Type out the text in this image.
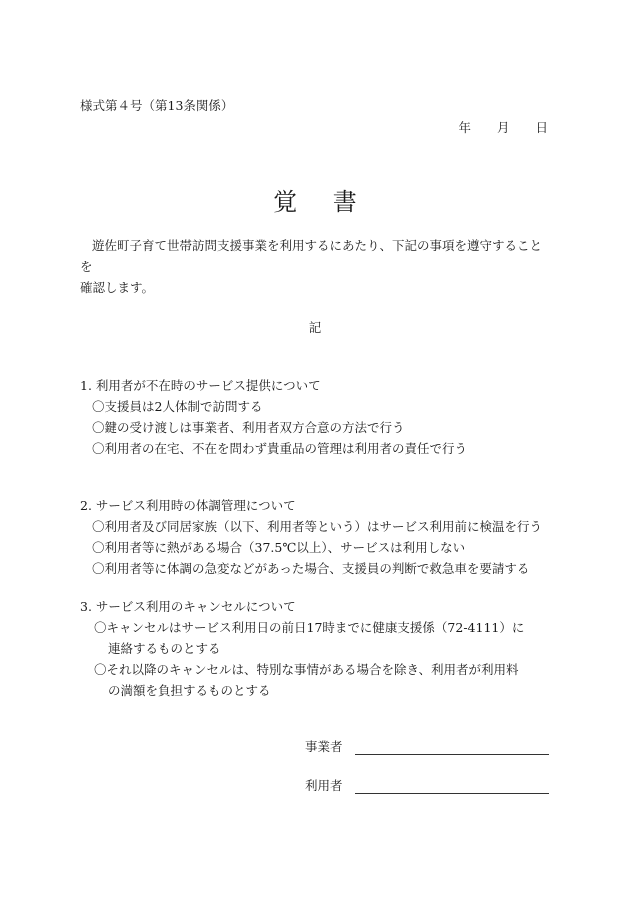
様式第４号（第13条関係）
年 月 日
覚 書
遊佐町子育て世帯訪問支援事業を利用するにあたり、下記の事項を遵守することを
確認します。
記

1. 利用者が不在時のサービス提供について

〇支援員は2人体制で訪問する

〇鍵の受け渡しは事業者、利用者双方合意の方法で行う

〇利用者の在宅、不在を問わず貴重品の管理は利用者の責任で行う

2. サービス利用時の体調管理について

〇利用者及び同居家族（以下、利用者等という）はサービス利用前に検温を行う

〇利用者等に熱がある場合（37.5℃以上）、サービスは利用しない

〇利用者等に体調の急変などがあった場合、支援員の判断で救急車を要請する

3. サービス利用のキャンセルについて

〇キャンセルはサービス利用日の前日17時までに健康支援係（72-4111）に

連絡するものとする

〇それ以降のキャンセルは、特別な事情がある場合を除き、利用者が利用料

の満額を負担するものとする

事業者
利用者
